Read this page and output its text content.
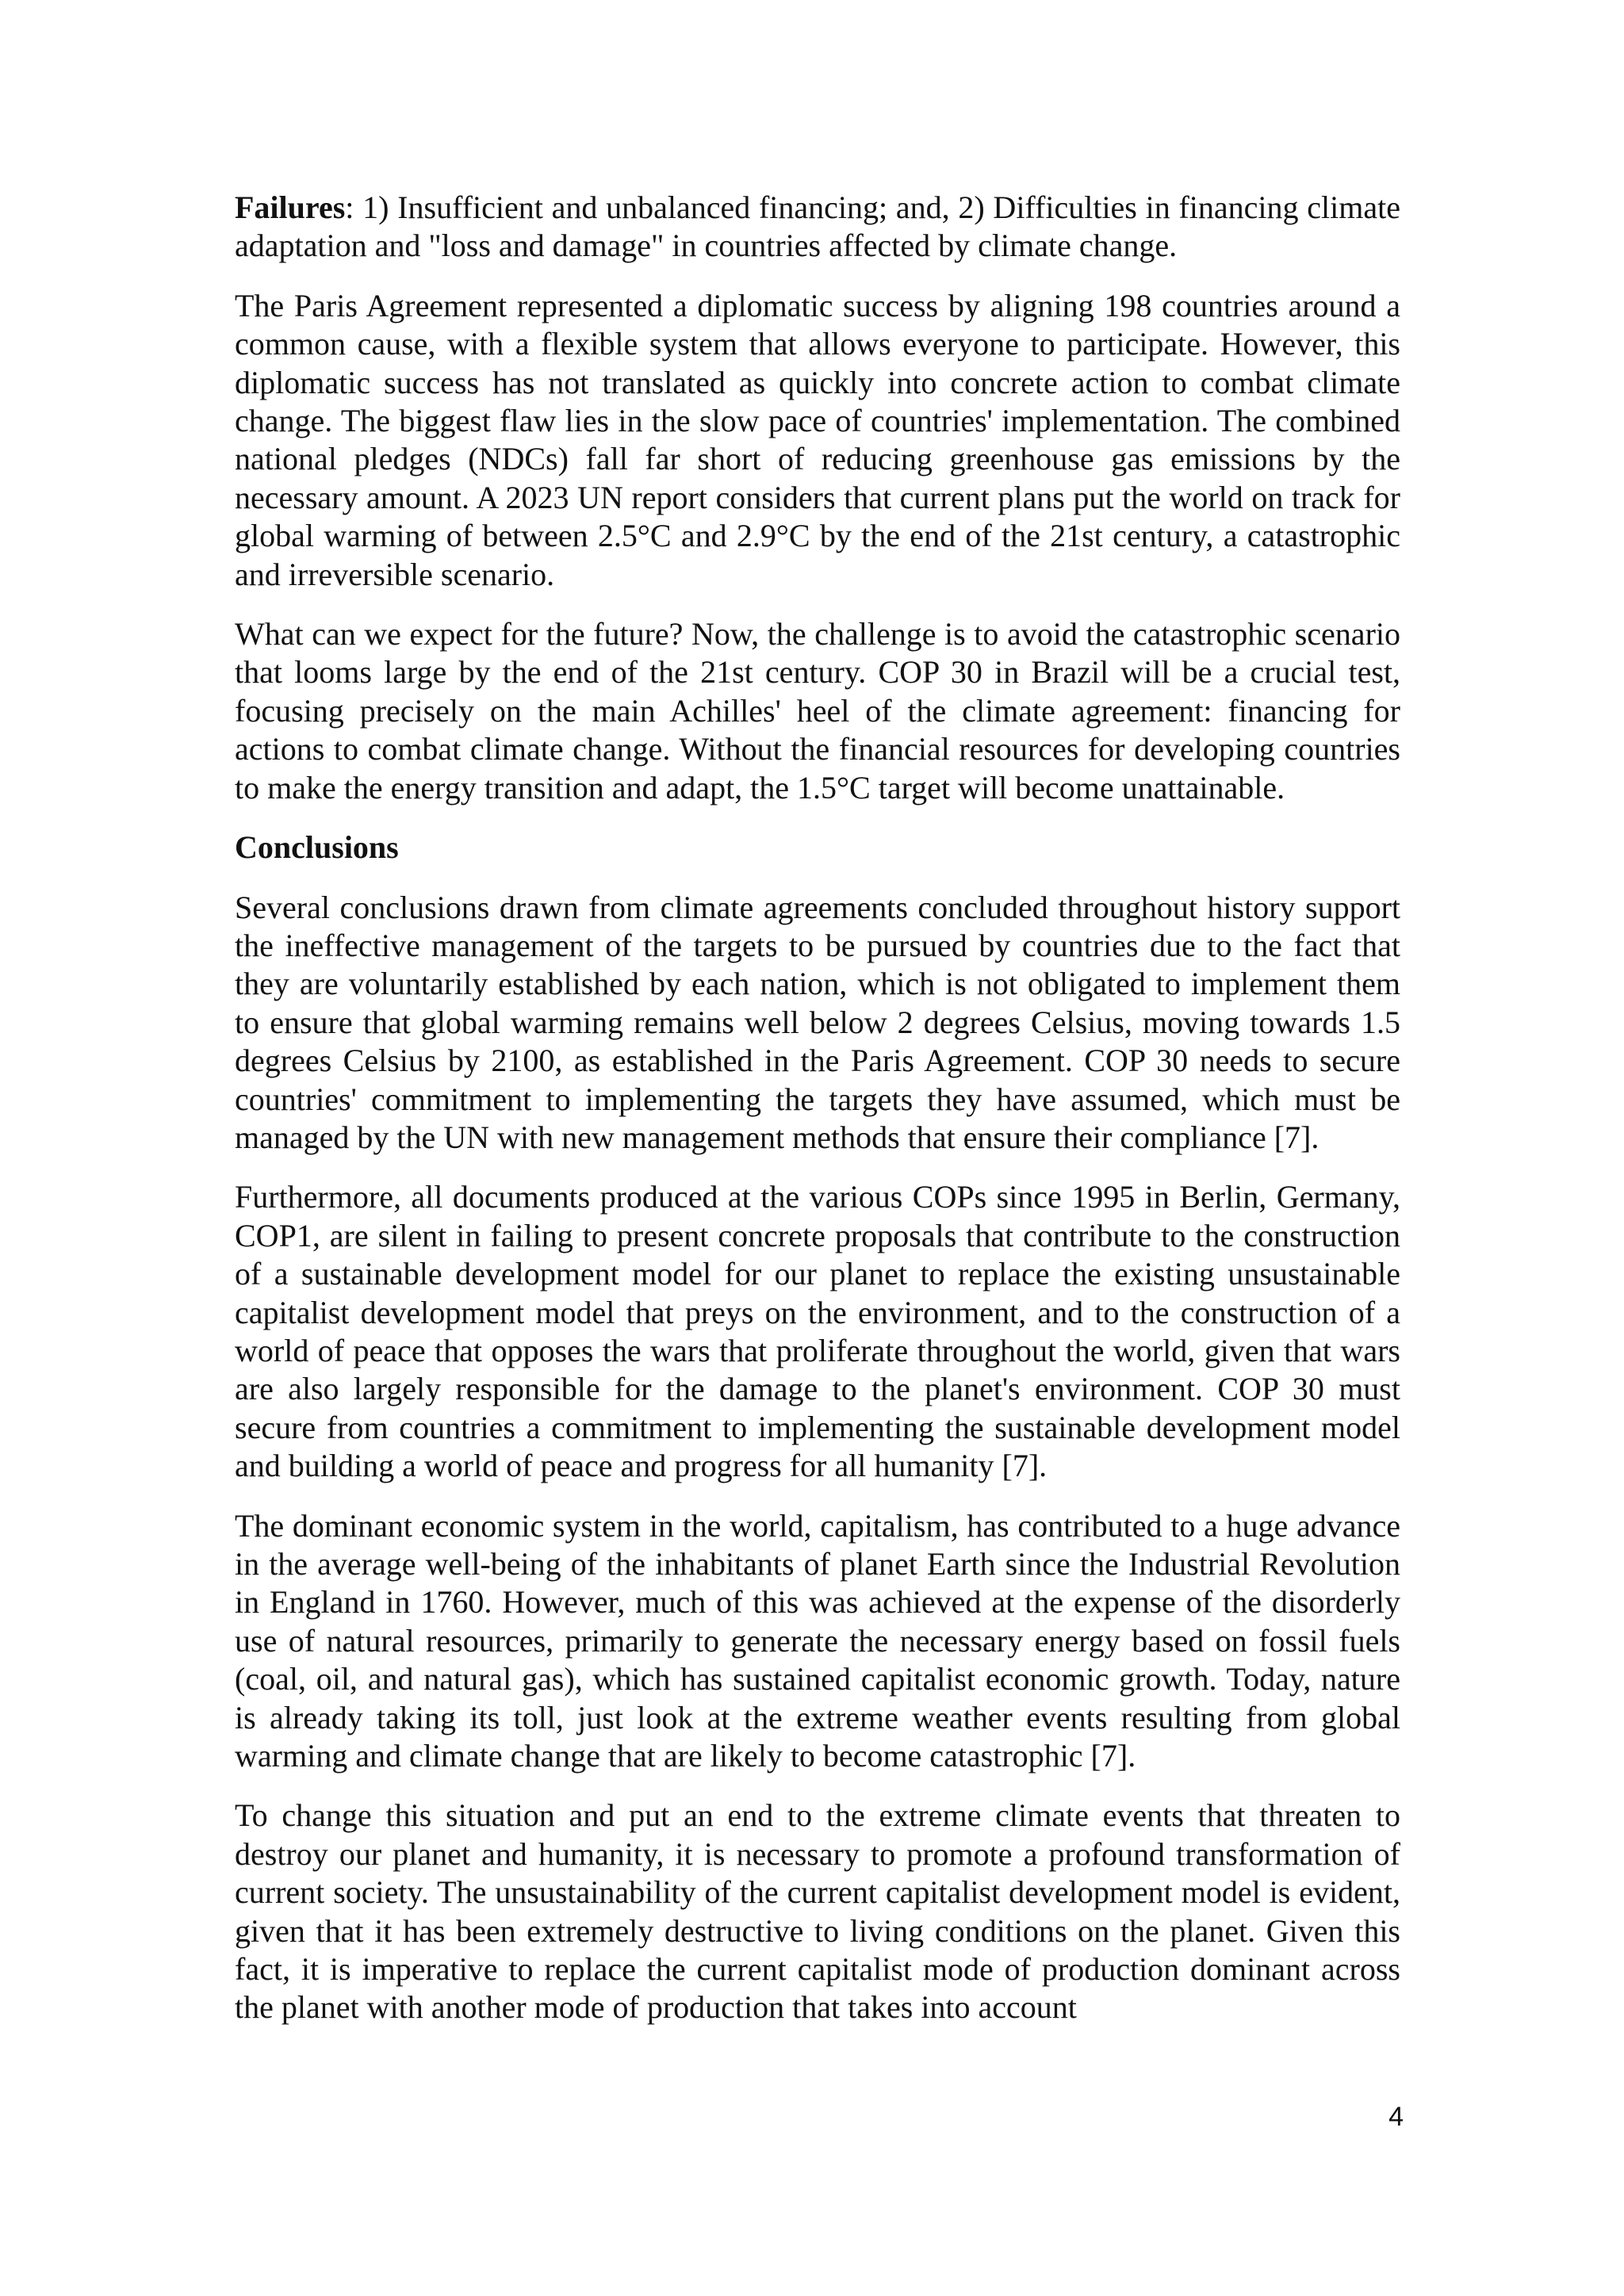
Failures: 1) Insufficient and unbalanced financing; and, 2) Difficulties in financing climate adaptation and "loss and damage" in countries affected by climate change.

The Paris Agreement represented a diplomatic success by aligning 198 countries around a common cause, with a flexible system that allows everyone to participate. However, this diplomatic success has not translated as quickly into concrete action to combat climate change. The biggest flaw lies in the slow pace of countries' implementation. The combined national pledges (NDCs) fall far short of reducing greenhouse gas emissions by the necessary amount. A 2023 UN report considers that current plans put the world on track for global warming of between 2.5°C and 2.9°C by the end of the 21st century, a catastrophic and irreversible scenario.

What can we expect for the future? Now, the challenge is to avoid the catastrophic scenario that looms large by the end of the 21st century. COP 30 in Brazil will be a crucial test, focusing precisely on the main Achilles' heel of the climate agreement: financing for actions to combat climate change. Without the financial resources for developing countries to make the energy transition and adapt, the 1.5°C target will become unattainable.

Conclusions

Several conclusions drawn from climate agreements concluded throughout history support the ineffective management of the targets to be pursued by countries due to the fact that they are voluntarily established by each nation, which is not obligated to implement them to ensure that global warming remains well below 2 degrees Celsius, moving towards 1.5 degrees Celsius by 2100, as established in the Paris Agreement. COP 30 needs to secure countries' commitment to implementing the targets they have assumed, which must be managed by the UN with new management methods that ensure their compliance [7].

Furthermore, all documents produced at the various COPs since 1995 in Berlin, Germany, COP1, are silent in failing to present concrete proposals that contribute to the construction of a sustainable development model for our planet to replace the existing unsustainable capitalist development model that preys on the environment, and to the construction of a world of peace that opposes the wars that proliferate throughout the world, given that wars are also largely responsible for the damage to the planet's environment. COP 30 must secure from countries a commitment to implementing the sustainable development model and building a world of peace and progress for all humanity [7].

The dominant economic system in the world, capitalism, has contributed to a huge advance in the average well-being of the inhabitants of planet Earth since the Industrial Revolution in England in 1760. However, much of this was achieved at the expense of the disorderly use of natural resources, primarily to generate the necessary energy based on fossil fuels (coal, oil, and natural gas), which has sustained capitalist economic growth. Today, nature is already taking its toll, just look at the extreme weather events resulting from global warming and climate change that are likely to become catastrophic [7].

To change this situation and put an end to the extreme climate events that threaten to destroy our planet and humanity, it is necessary to promote a profound transformation of current society. The unsustainability of the current capitalist development model is evident, given that it has been extremely destructive to living conditions on the planet. Given this fact, it is imperative to replace the current capitalist mode of production dominant across the planet with another mode of production that takes into account

4
